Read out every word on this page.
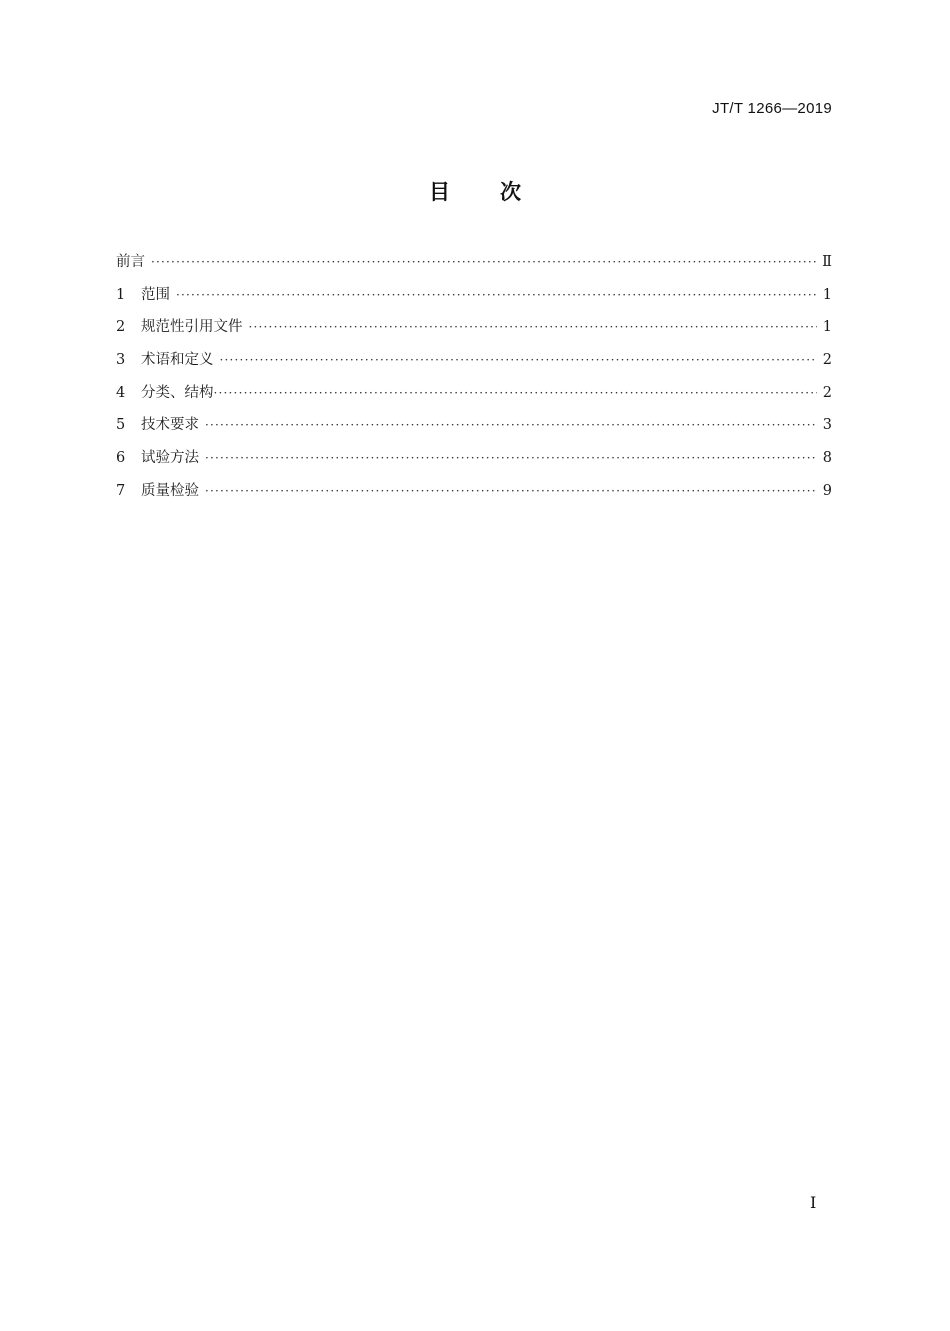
JT/T 1266—2019
目 次
前言 ·····	Ⅱ
1	范围 ·····	1
2	规范性引用文件 ·····	1
3	术语和定义 ·····	2
4	分类、结构 ·····	2
5	技术要求 ·····	3
6	试验方法 ·····	8
7	质量检验 ·····	9
I
